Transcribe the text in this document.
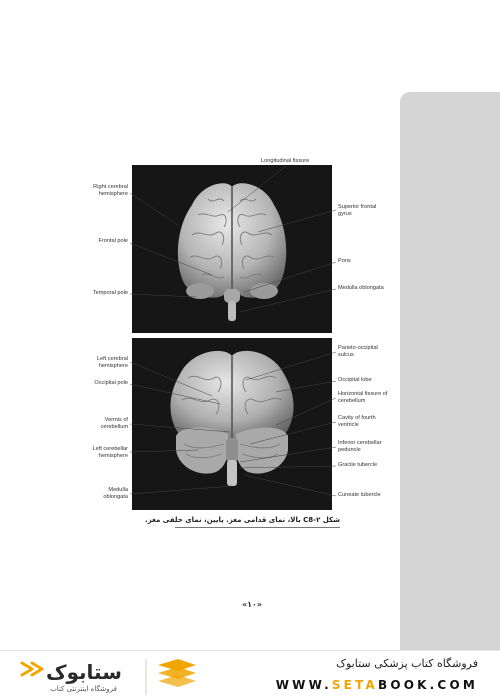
Longitudinal fissure
Right cerebral hemisphere
Frontal pole
Temporal pole
Superior frontal gyrus
Pons
Medulla oblongata
Left cerebral hemisphere
Occipital pole
Vermis of cerebellum
Left cerebellar hemisphere
Medulla oblongata
Parieto-occipital sulcus
Occipital lobe
Horizontal fissure of cerebellum
Cavity of fourth ventricle
Inferior cerebellar peduncle
Gracile tubercle
Cuneate tubercle
شکل ۲-C8 بالا، نمای قدامی مغز. پایین، نمای خلفی مغز.
«۱۰»
ستابوک
فروشگاه اینترنتی کتاب
فروشگاه کتاب پزشکی ستابوک
WWW.SETABOOK.COM
